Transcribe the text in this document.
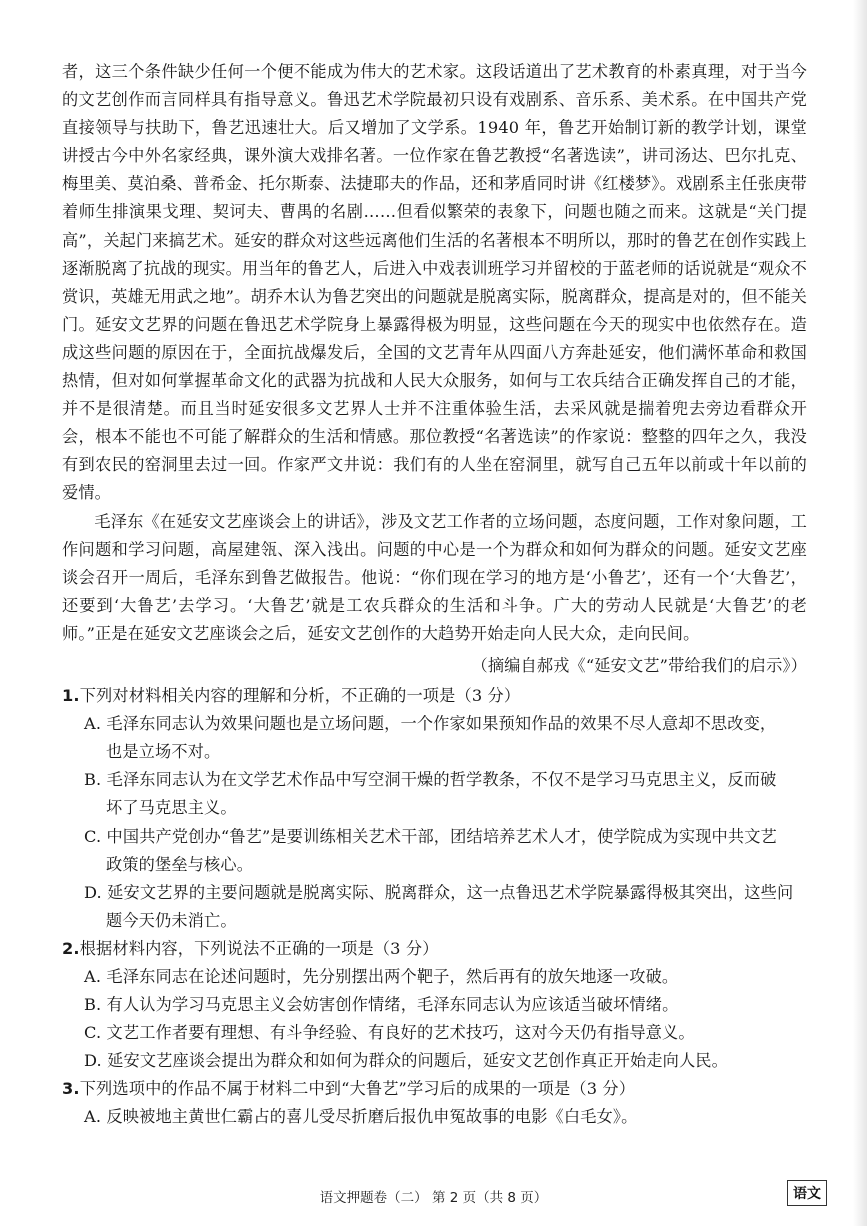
者，这三个条件缺少任何一个便不能成为伟大的艺术家。这段话道出了艺术教育的朴素真理，对于当今的文艺创作而言同样具有指导意义。鲁迅艺术学院最初只设有戏剧系、音乐系、美术系。在中国共产党直接领导与扶助下，鲁艺迅速壮大。后又增加了文学系。1940 年，鲁艺开始制订新的教学计划，课堂讲授古今中外名家经典，课外演大戏排名著。一位作家在鲁艺教授“名著选读”，讲司汤达、巴尔扎克、梅里美、莫泊桑、普希金、托尔斯泰、法捷耶夫的作品，还和茅盾同时讲《红楼梦》。戏剧系主任张庚带着师生排演果戈理、契诃夫、曹禺的名剧……但看似繁荣的表象下，问题也随之而来。这就是“关门提高”，关起门来搞艺术。延安的群众对这些远离他们生活的名著根本不明所以，那时的鲁艺在创作实践上逐渐脱离了抗战的现实。用当年的鲁艺人，后进入中戏表训班学习并留校的于蓝老师的话说就是“观众不赏识，英雄无用武之地”。胡乔木认为鲁艺突出的问题就是脱离实际，脱离群众，提高是对的，但不能关门。延安文艺界的问题在鲁迅艺术学院身上暴露得极为明显，这些问题在今天的现实中也依然存在。造成这些问题的原因在于，全面抗战爆发后，全国的文艺青年从四面八方奔赴延安，他们满怀革命和救国热情，但对如何掌握革命文化的武器为抗战和人民大众服务，如何与工农兵结合正确发挥自己的才能，并不是很清楚。而且当时延安很多文艺界人士并不注重体验生活，去采风就是揣着兜去旁边看群众开会，根本不能也不可能了解群众的生活和情感。那位教授“名著选读”的作家说：整整的四年之久，我没有到农民的窑洞里去过一回。作家严文井说：我们有的人坐在窑洞里，就写自己五年以前或十年以前的爱情。

毛泽东《在延安文艺座谈会上的讲话》，涉及文艺工作者的立场问题，态度问题，工作对象问题，工作问题和学习问题，高屋建瓴、深入浅出。问题的中心是一个为群众和如何为群众的问题。延安文艺座谈会召开一周后，毛泽东到鲁艺做报告。他说：“你们现在学习的地方是‘小鲁艺’，还有一个‘大鲁艺’，还要到‘大鲁艺’去学习。‘大鲁艺’就是工农兵群众的生活和斗争。广大的劳动人民就是‘大鲁艺’的老师。”正是在延安文艺座谈会之后，延安文艺创作的大趋势开始走向人民大众，走向民间。

（摘编自郝戎《“延安文艺”带给我们的启示》）

1.下列对材料相关内容的理解和分析，不正确的一项是（3 分）

A. 毛泽东同志认为效果问题也是立场问题，一个作家如果预知作品的效果不尽人意却不思改变，
也是立场不对。

B. 毛泽东同志认为在文学艺术作品中写空洞干燥的哲学教条，不仅不是学习马克思主义，反而破
坏了马克思主义。

C. 中国共产党创办“鲁艺”是要训练相关艺术干部，团结培养艺术人才，使学院成为实现中共文艺
政策的堡垒与核心。

D. 延安文艺界的主要问题就是脱离实际、脱离群众，这一点鲁迅艺术学院暴露得极其突出，这些问
题今天仍未消亡。

2.根据材料内容，下列说法不正确的一项是（3 分）

A. 毛泽东同志在论述问题时，先分别摆出两个靶子，然后再有的放矢地逐一攻破。

B. 有人认为学习马克思主义会妨害创作情绪，毛泽东同志认为应该适当破坏情绪。

C. 文艺工作者要有理想、有斗争经验、有良好的艺术技巧，这对今天仍有指导意义。

D. 延安文艺座谈会提出为群众和如何为群众的问题后，延安文艺创作真正开始走向人民。

3.下列选项中的作品不属于材料二中到“大鲁艺”学习后的成果的一项是（3 分）

A. 反映被地主黄世仁霸占的喜儿受尽折磨后报仇申冤故事的电影《白毛女》。

语文押题卷（二） 第 2 页（共 8 页）	语文
